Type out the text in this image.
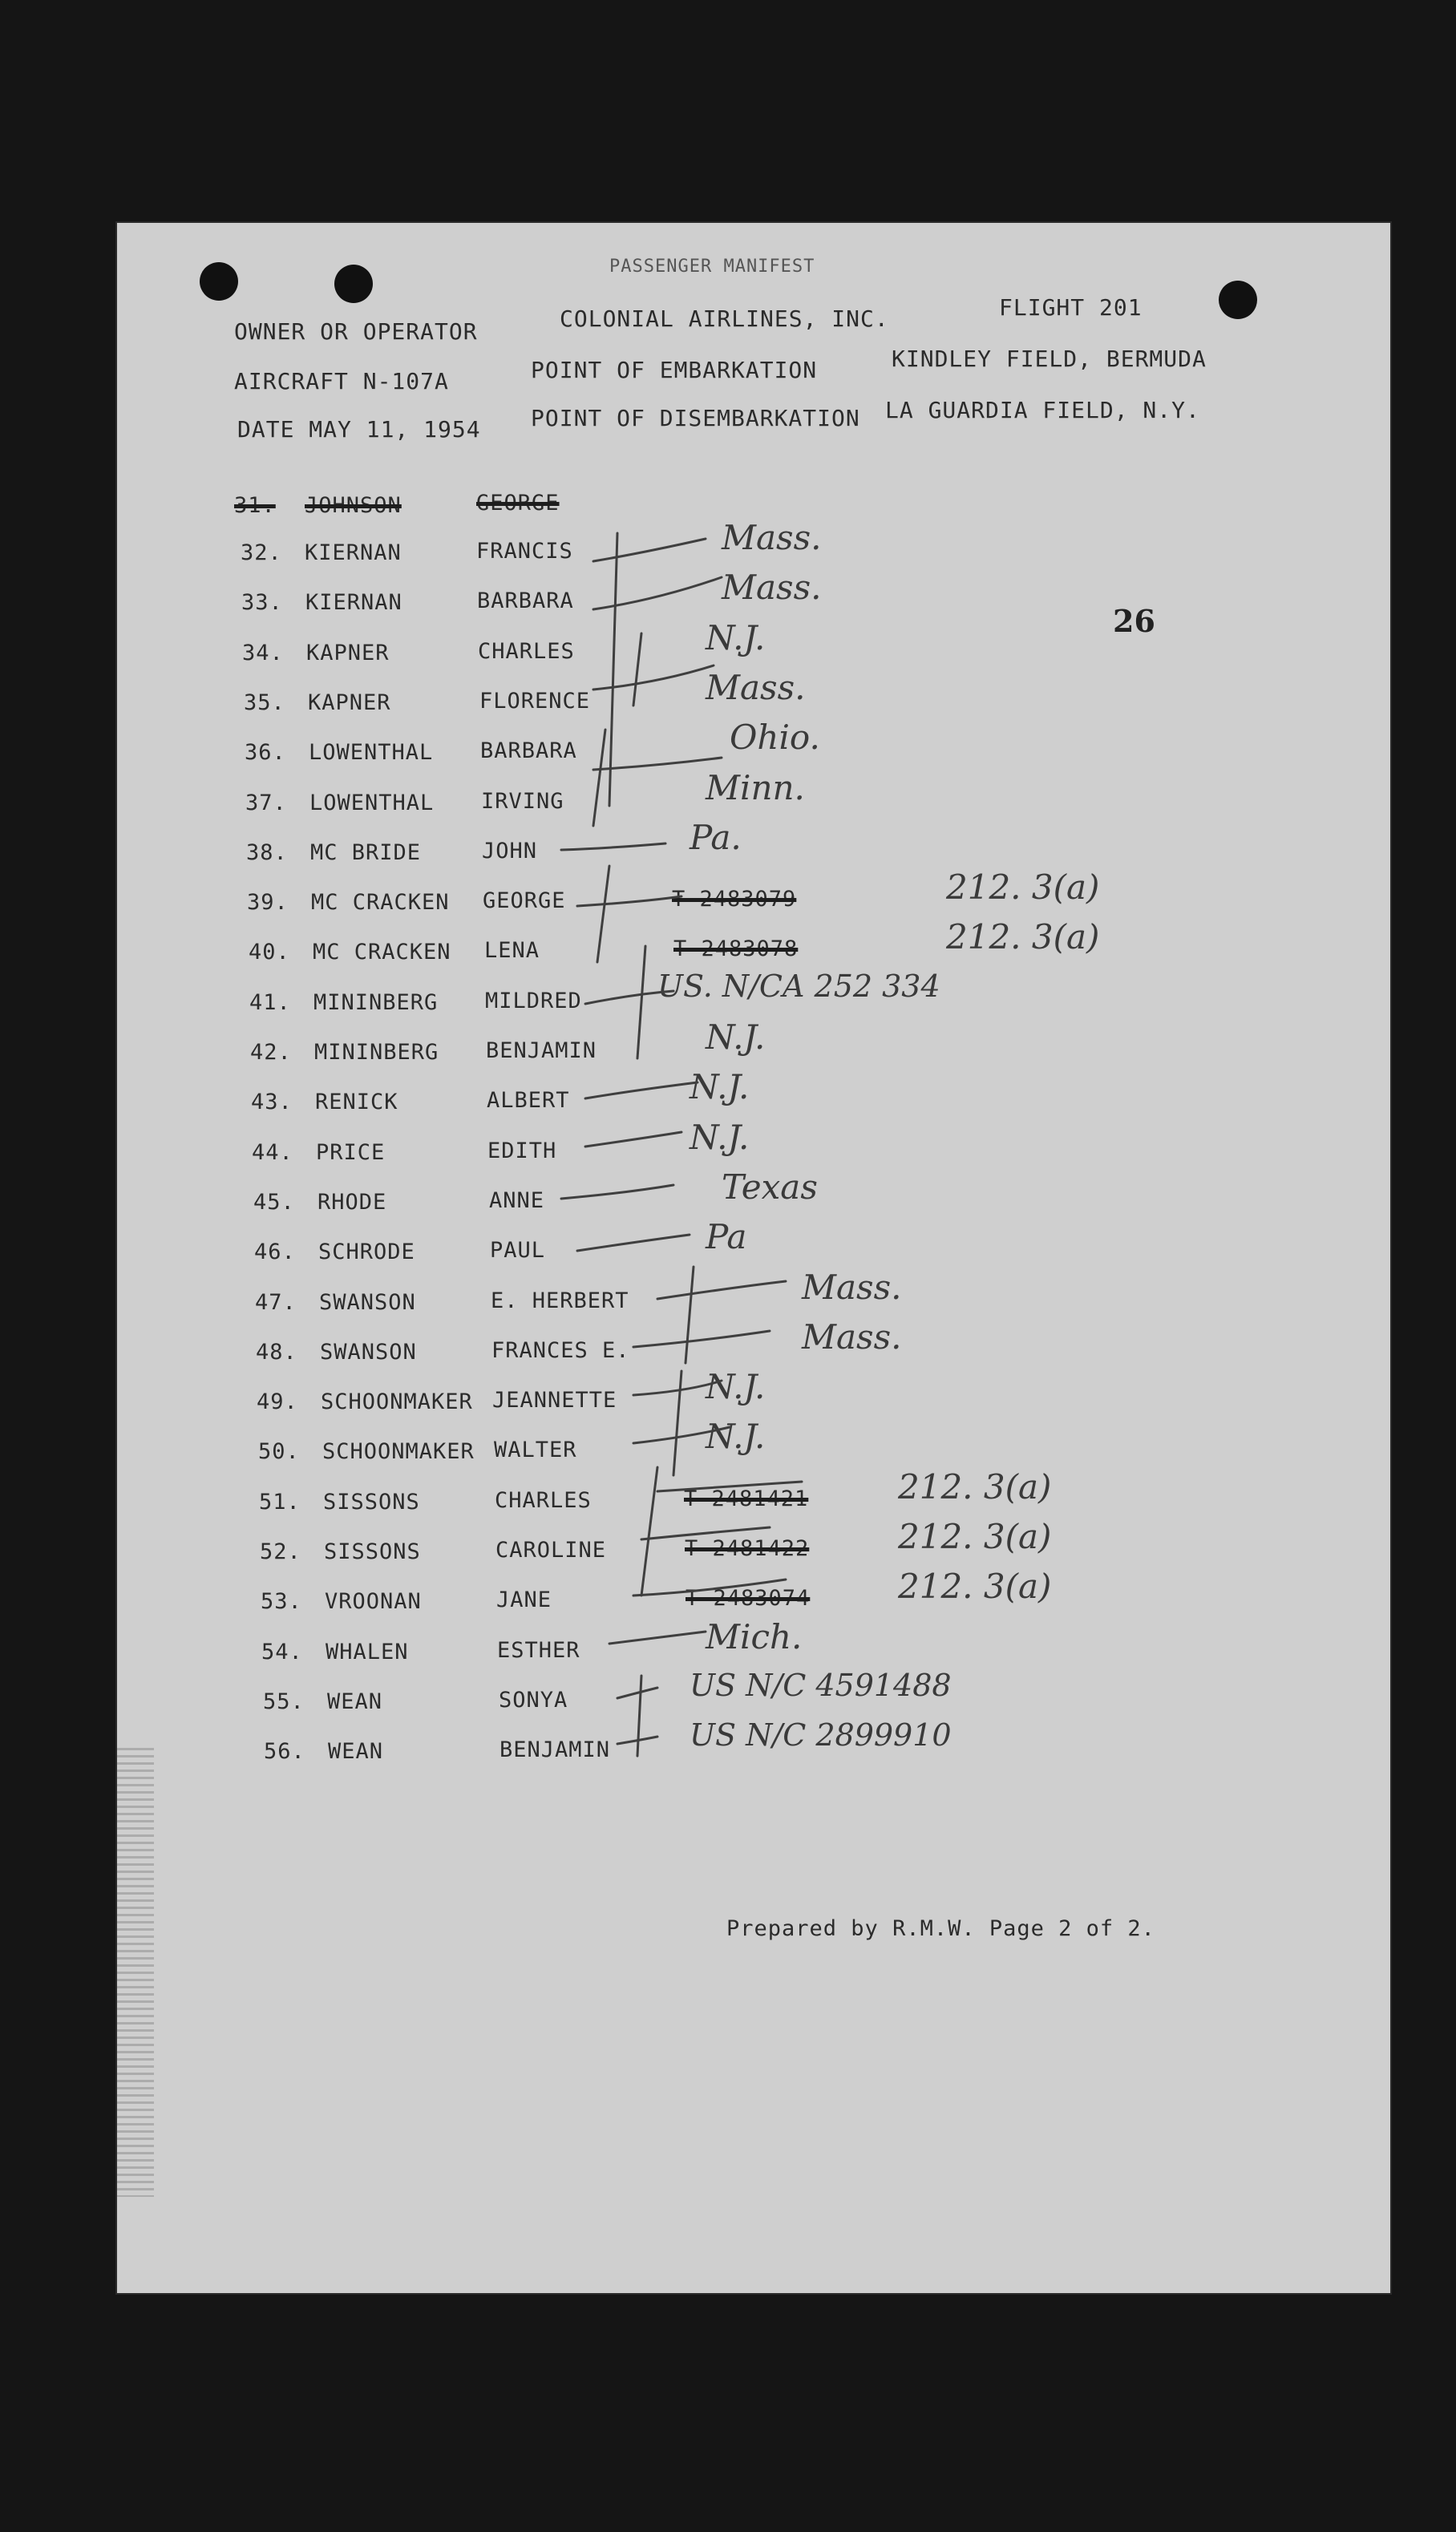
PASSENGER MANIFEST
OWNER OR OPERATOR	COLONIAL AIRLINES, INC.	FLIGHT 201
AIRCRAFT N-107A	POINT OF EMBARKATION	KINDLEY FIELD, BERMUDA
DATE MAY 11, 1954 POINT OF DISEMBARKATION LA GUARDIA FIELD, N.Y.
26
31. JOHNSON	GEORGE
32. KIERNAN	FRANCIS	Mass.
33. KIERNAN	BARBARA	Mass.
34. KAPNER	CHARLES	N.J.
35. KAPNER	FLORENCE	Mass.
36. LOWENTHAL BARBARA	Ohio.
37. LOWENTHAL IRVING	Minn.
38. MC BRIDE	JOHN	Pa.
39. MC CRACKEN GEORGE	T 2483079	212. 3(a)
40. MC CRACKEN LENA	T 2483078	212. 3(a)
41. MININBERG MILDRED US. N/CA 252 334
42. MININBERG BENJAMIN	N.J.
43. RENICK	ALBERT	N.J.
44. PRICE	EDITH	N.J.
45. RHODE	ANNE	Texas
46. SCHRODE	PAUL	Pa
47. SWANSON	E. HERBERT	Mass.
48. SWANSON	FRANCES E.	Mass.
49. SCHOONMAKER JEANNETTE	N.J.
50. SCHOONMAKER WALTER	N.J.
51. SISSONS	CHARLES	T 2481421	212. 3(a)
52. SISSONS	CAROLINE	T 2481422	212. 3(a)
53. VROONAN	JANE	T 2483074	212. 3(a)
54. WHALEN	ESTHER	Mich.
55. WEAN	SONYA	US N/C 4591488
56. WEAN	BENJAMIN	US N/C 2899910
Prepared by R.M.W. Page 2 of 2.
